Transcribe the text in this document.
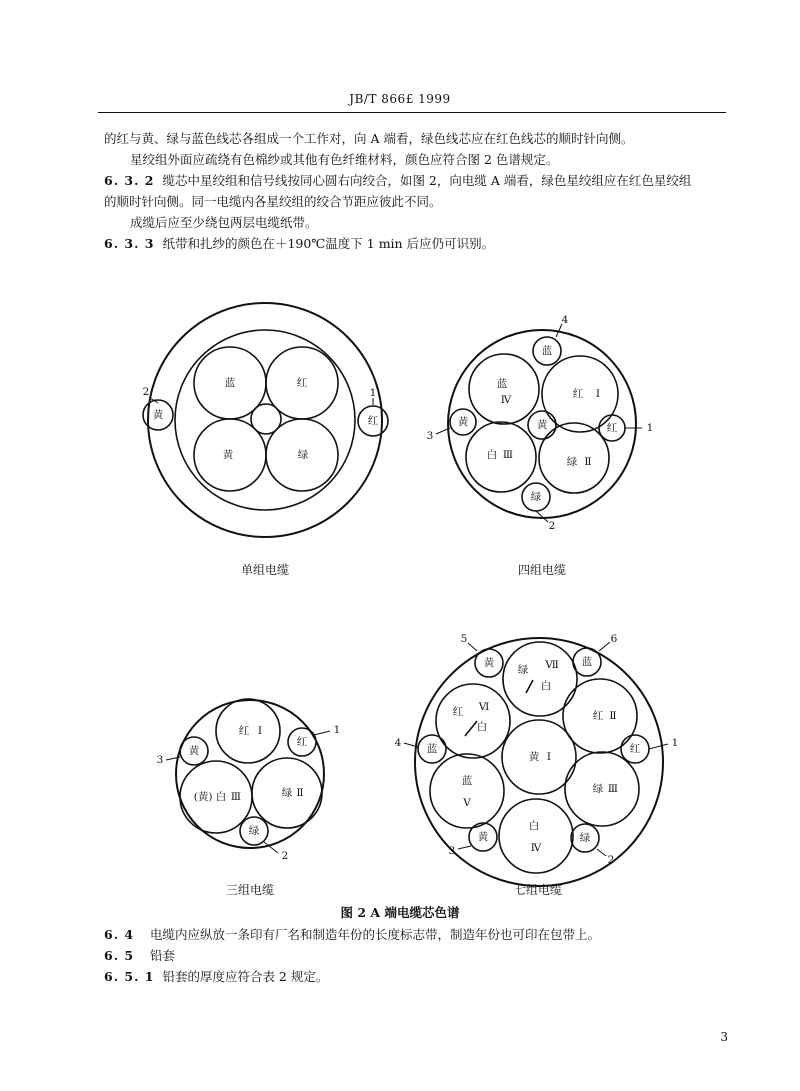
JB/T 866£ 1999

的红与黄、绿与蓝色线芯各组成一个工作对，向 A 端看，绿色线芯应在红色线芯的顺时针向侧。

星绞组外面应疏绕有色棉纱或其他有色纤维材料，颜色应符合图 2 色谱规定。

6. 3. 2 缆芯中星绞组和信号线按同心圆右向绞合，如图 2，向电缆 A 端看，绿色星绞组应在红色星绞组

的顺时针向侧。同一电缆内各星绞组的绞合节距应彼此不同。

成缆后应至少绕包两层电缆纸带。

6. 3. 3 纸带和扎纱的颜色在＋190℃温度下 1 min 后应仍可识别。

蓝	红
黄	绿
黄	红
2	1
蓝
Ⅳ	红 Ⅰ
白 Ⅲ
绿 Ⅱ
黄
蓝
黄	红
绿
4
3
1
2
红 Ⅰ
(黄) 白 Ⅲ	绿 Ⅱ
黄
红
绿
3
1
2
黄 Ⅰ
绿 Ⅶ
白
红 Ⅵ
白
红 Ⅱ
蓝
Ⅴ
绿 Ⅲ
白
Ⅳ
黄	蓝
蓝	红
黄	绿
5	6
4	1
3
2
单组电缆	四组电缆
三组电缆	七组电缆
图 2 A 端电缆芯色谱

6. 4 电缆内应纵放一条印有厂名和制造年份的长度标志带，制造年份也可印在包带上。

6. 5 铅套

6. 5. 1 铅套的厚度应符合表 2 规定。

3
